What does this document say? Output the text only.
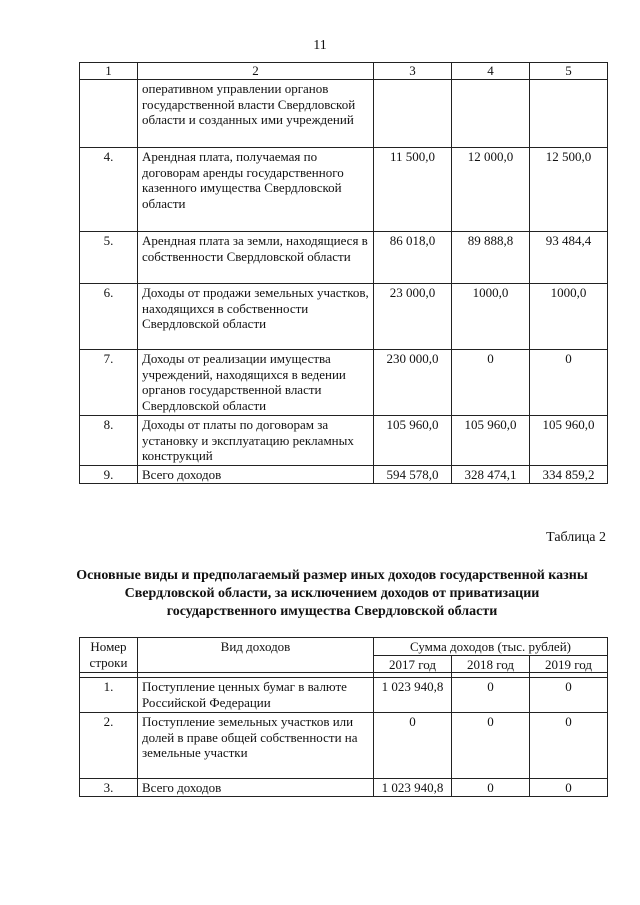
11
1	2	3	4	5
	оперативном управлении органов государственной власти Свердловской области и созданных ими учреждений			
4.	Арендная плата, получаемая по договорам аренды государственного казенного имущества Свердловской области	11 500,0	12 000,0	12 500,0
5.	Арендная плата за земли, находящиеся в собственности Свердловской области	86 018,0	89 888,8	93 484,4
6.	Доходы от продажи земельных участков, находящихся в собственности Свердловской области	23 000,0	1000,0	1000,0
7.	Доходы от реализации имущества учреждений, находящихся в ведении органов государственной власти Свердловской области	230 000,0	0	0
8.	Доходы от платы по договорам за установку и эксплуатацию рекламных конструкций	105 960,0	105 960,0	105 960,0
9.	Всего доходов	594 578,0	328 474,1	334 859,2
Таблица 2
Основные виды и предполагаемый размер иных доходов государственной казны Свердловской области, за исключением доходов от приватизации государственного имущества Свердловской области
Номер
строки	Вид доходов	Сумма доходов (тыс. рублей)		
		2017 год	2018 год	2019 год

1.	Поступление ценных бумаг в валюте Российской Федерации	1 023 940,8	0	0
2.	Поступление земельных участков или долей в праве общей собственности на земельные участки	0	0	0
3.	Всего доходов	1 023 940,8	0	0
